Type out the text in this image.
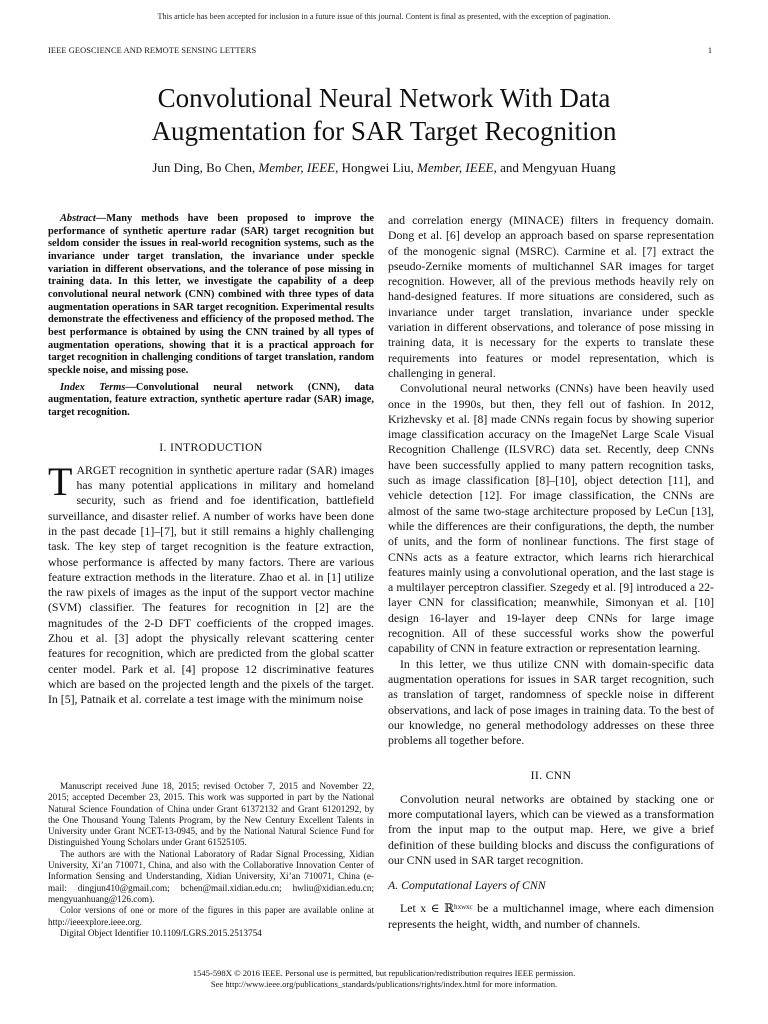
This article has been accepted for inclusion in a future issue of this journal. Content is final as presented, with the exception of pagination.
IEEE GEOSCIENCE AND REMOTE SENSING LETTERS	1
Convolutional Neural Network With Data
Augmentation for SAR Target Recognition
Jun Ding, Bo Chen, Member, IEEE, Hongwei Liu, Member, IEEE, and Mengyuan Huang

Abstract—Many methods have been proposed to improve the performance of synthetic aperture radar (SAR) target recognition but seldom consider the issues in real-world recognition systems, such as the invariance under target translation, the invariance under speckle variation in different observations, and the tolerance of pose missing in training data. In this letter, we investigate the capability of a deep convolutional neural network (CNN) combined with three types of data augmentation operations in SAR target recognition. Experimental results demonstrate the effectiveness and efficiency of the proposed method. The best performance is obtained by using the CNN trained by all types of augmentation operations, showing that it is a practical approach for target recognition in challenging conditions of target translation, random speckle noise, and missing pose.

Index Terms—Convolutional neural network (CNN), data augmentation, feature extraction, synthetic aperture radar (SAR) image, target recognition.

I. INTRODUCTION

TARGET recognition in synthetic aperture radar (SAR) images has many potential applications in military and homeland security, such as friend and foe identification, battlefield surveillance, and disaster relief. A number of works have been done in the past decade [1]–[7], but it still remains a highly challenging task. The key step of target recognition is the feature extraction, whose performance is affected by many factors. There are various feature extraction methods in the literature. Zhao et al. in [1] utilize the raw pixels of images as the input of the support vector machine (SVM) classifier. The features for recognition in [2] are the magnitudes of the 2-D DFT coefficients of the cropped images. Zhou et al. [3] adopt the physically relevant scattering center features for recognition, which are predicted from the global scatter center model. Park et al. [4] propose 12 discriminative features which are based on the projected length and the pixels of the target. In [5], Patnaik et al. correlate a test image with the minimum noise

Manuscript received June 18, 2015; revised October 7, 2015 and November 22, 2015; accepted December 23, 2015. This work was supported in part by the National Natural Science Foundation of China under Grant 61372132 and Grant 61201292, by the One Thousand Young Talents Program, by the New Century Excellent Talents in University under Grant NCET-13-0945, and by the National Natural Science Fund for Distinguished Young Scholars under Grant 61525105.

The authors are with the National Laboratory of Radar Signal Processing, Xidian University, Xi’an 710071, China, and also with the Collaborative Innovation Center of Information Sensing and Understanding, Xidian University, Xi’an 710071, China (e-mail: dingjun410@gmail.com; bchen@mail.xidian.edu.cn; hwliu@xidian.edu.cn; mengyuanhuang@126.com).

Color versions of one or more of the figures in this paper are available online at http://ieeexplore.ieee.org.

Digital Object Identifier 10.1109/LGRS.2015.2513754

and correlation energy (MINACE) filters in frequency domain. Dong et al. [6] develop an approach based on sparse representation of the monogenic signal (MSRC). Carmine et al. [7] extract the pseudo-Zernike moments of multichannel SAR images for target recognition. However, all of the previous methods heavily rely on hand-designed features. If more situations are considered, such as invariance under target translation, invariance under speckle variation in different observations, and tolerance of pose missing in training data, it is necessary for the experts to translate these requirements into features or model representation, which is challenging in general.

Convolutional neural networks (CNNs) have been heavily used once in the 1990s, but then, they fell out of fashion. In 2012, Krizhevsky et al. [8] made CNNs regain focus by showing superior image classification accuracy on the ImageNet Large Scale Visual Recognition Challenge (ILSVRC) data set. Recently, deep CNNs have been successfully applied to many pattern recognition tasks, such as image classification [8]–[10], object detection [11], and vehicle detection [12]. For image classification, the CNNs are almost of the same two-stage architecture proposed by LeCun [13], while the differences are their configurations, the depth, the number of units, and the form of nonlinear functions. The first stage of CNNs acts as a feature extractor, which learns rich hierarchical features mainly using a convolutional operation, and the last stage is a multilayer perceptron classifier. Szegedy et al. [9] introduced a 22-layer CNN for classification; meanwhile, Simonyan et al. [10] design 16-layer and 19-layer deep CNNs for large image recognition. All of these successful works show the powerful capability of CNN in feature extraction or representation learning.

In this letter, we thus utilize CNN with domain-specific data augmentation operations for issues in SAR target recognition, such as translation of target, randomness of speckle noise in different observations, and lack of pose images in training data. To the best of our knowledge, no general methodology addresses on these three problems all together before.

II. CNN

Convolution neural networks are obtained by stacking one or more computational layers, which can be viewed as a transformation from the input map to the output map. Here, we give a brief definition of these building blocks and discuss the configurations of our CNN used in SAR target recognition.

A. Computational Layers of CNN

Let x ∈ ℝʰˣʷˣᶜ be a multichannel image, where each dimension represents the height, width, and number of channels.

1545-598X © 2016 IEEE. Personal use is permitted, but republication/redistribution requires IEEE permission.
See http://www.ieee.org/publications_standards/publications/rights/index.html for more information.
